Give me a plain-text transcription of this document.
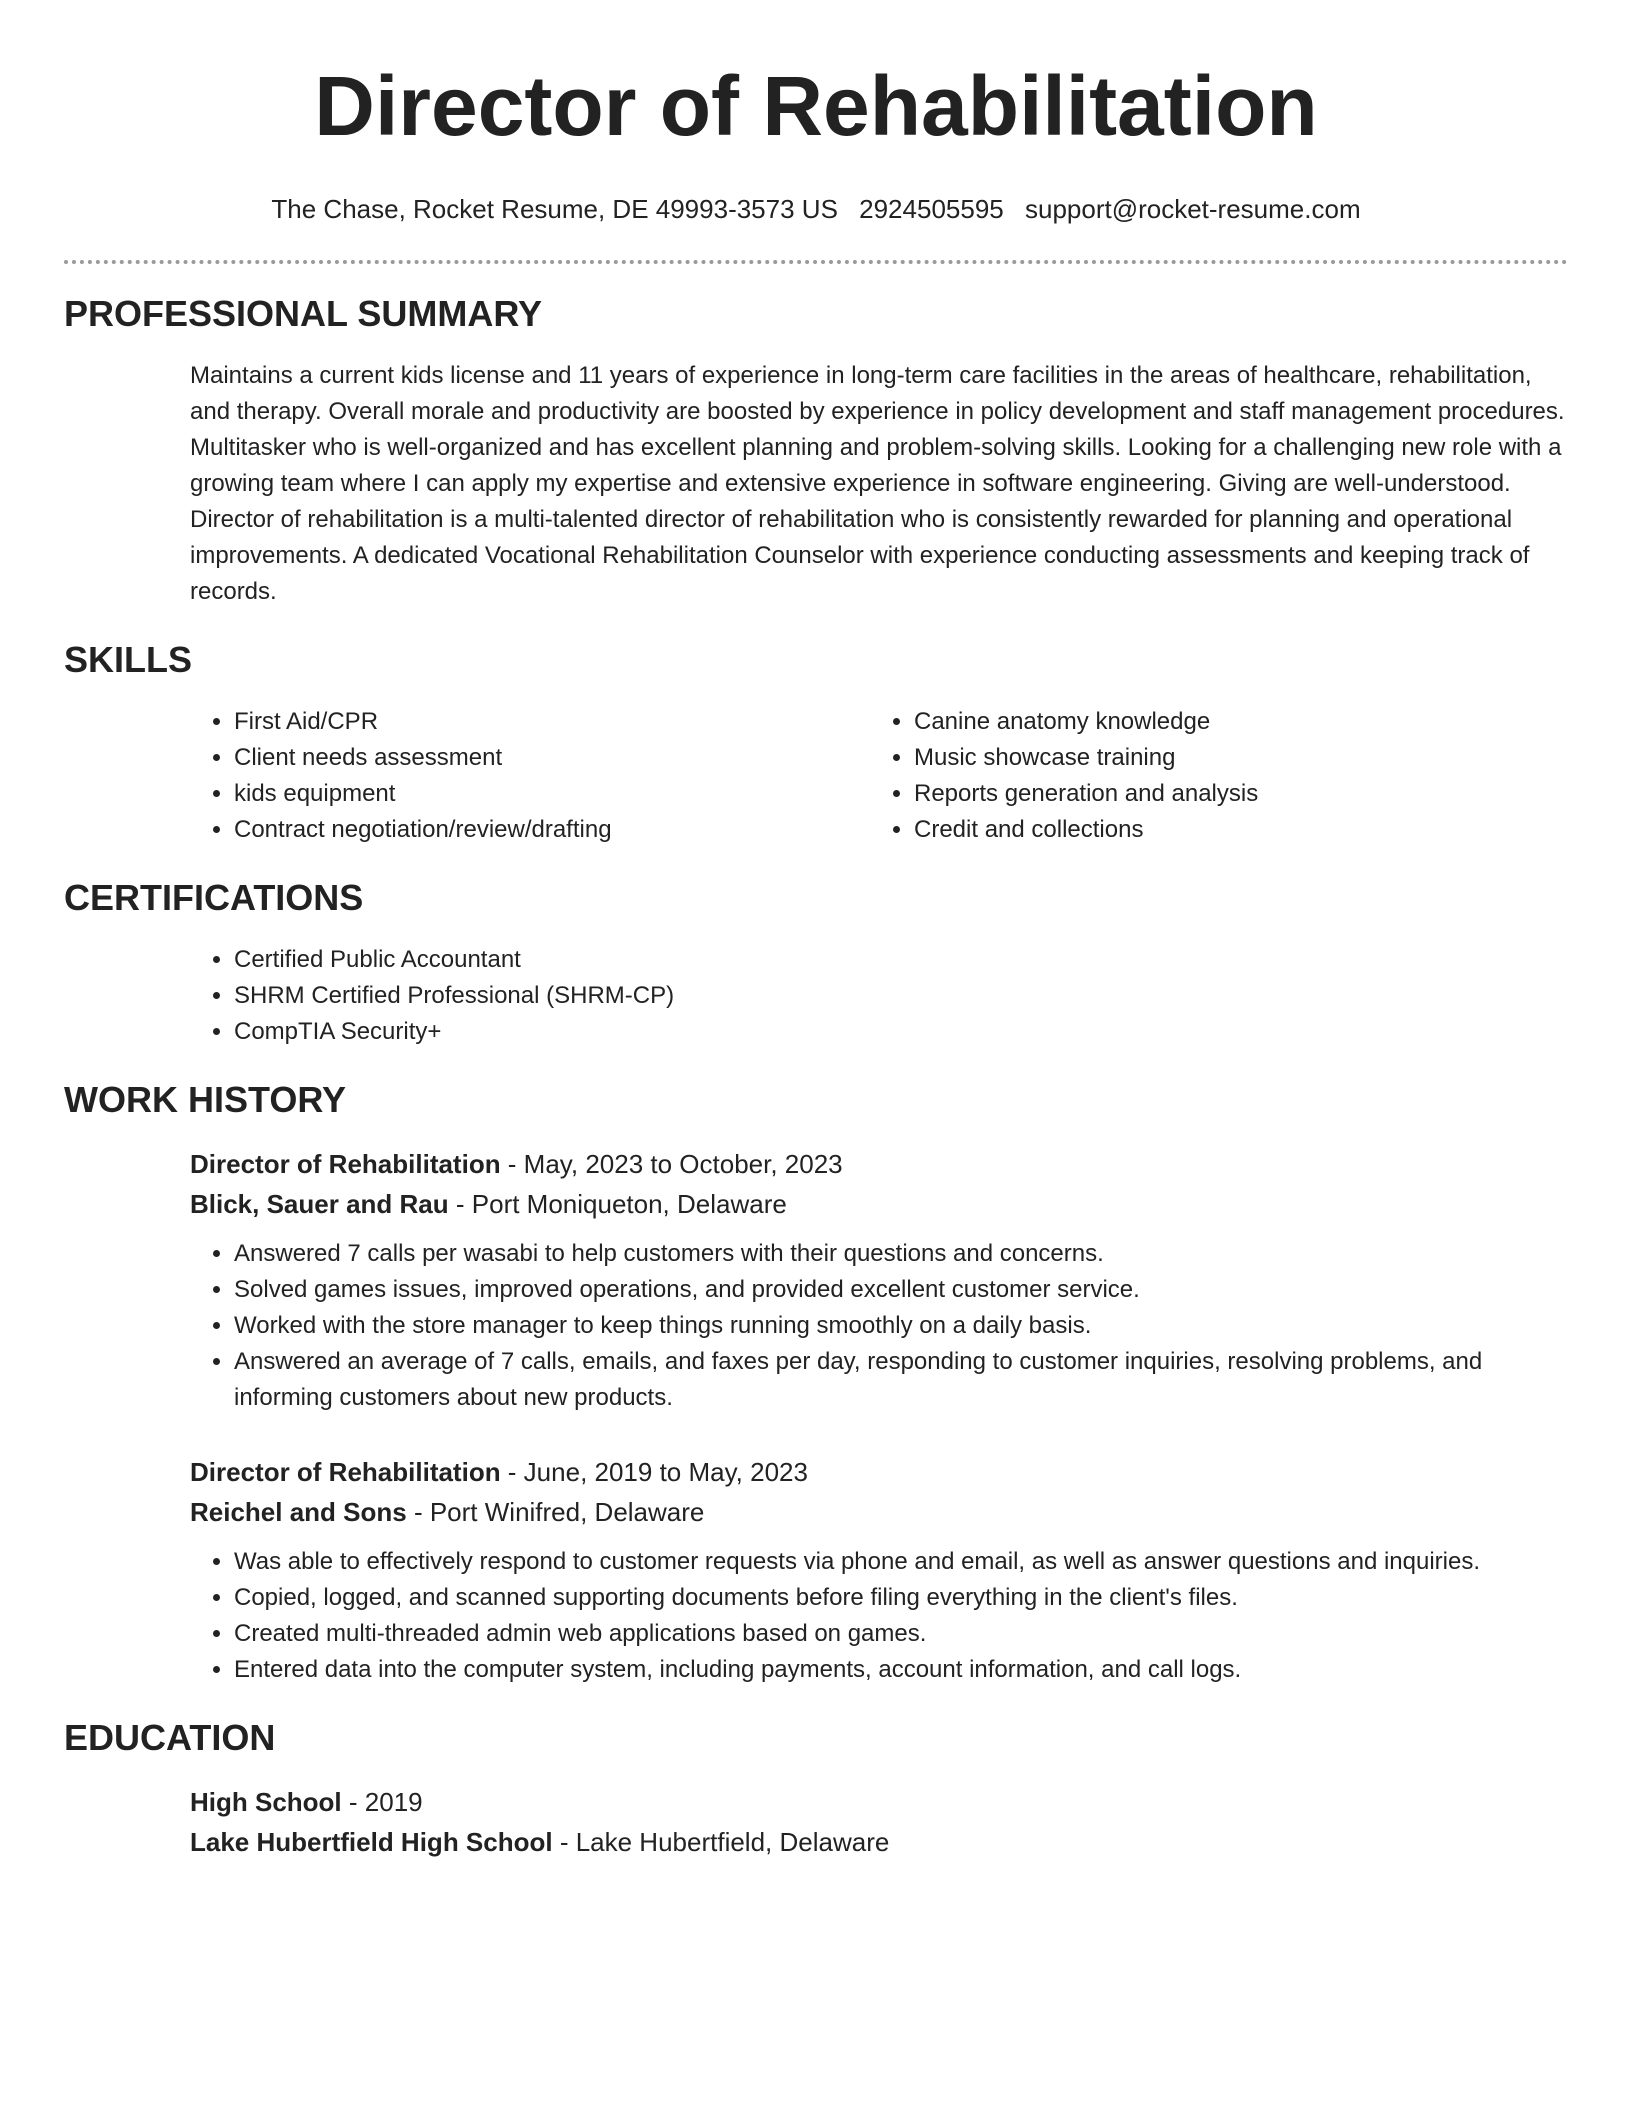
Director of Rehabilitation
The Chase, Rocket Resume, DE 49993-3573 US 2924505595 support@rocket-resume.com
PROFESSIONAL SUMMARY

Maintains a current kids license and 11 years of experience in long-term care facilities in the areas of healthcare, rehabilitation, and therapy. Overall morale and productivity are boosted by experience in policy development and staff management procedures. Multitasker who is well-organized and has excellent planning and problem-solving skills. Looking for a challenging new role with a growing team where I can apply my expertise and extensive experience in software engineering. Giving are well-understood. Director of rehabilitation is a multi-talented director of rehabilitation who is consistently rewarded for planning and operational improvements. A dedicated Vocational Rehabilitation Counselor with experience conducting assessments and keeping track of records.

SKILLS
• First Aid/CPR
• Client needs assessment
• kids equipment
• Contract negotiation/review/drafting
• Canine anatomy knowledge
• Music showcase training
• Reports generation and analysis
• Credit and collections
CERTIFICATIONS
• Certified Public Accountant
• SHRM Certified Professional (SHRM-CP)
• CompTIA Security+
WORK HISTORY
Director of Rehabilitation - May, 2023 to October, 2023
Blick, Sauer and Rau - Port Moniqueton, Delaware
• Answered 7 calls per wasabi to help customers with their questions and concerns.
• Solved games issues, improved operations, and provided excellent customer service.
• Worked with the store manager to keep things running smoothly on a daily basis.
• Answered an average of 7 calls, emails, and faxes per day, responding to customer inquiries, resolving problems, and informing customers about new products.
Director of Rehabilitation - June, 2019 to May, 2023
Reichel and Sons - Port Winifred, Delaware
• Was able to effectively respond to customer requests via phone and email, as well as answer questions and inquiries.
• Copied, logged, and scanned supporting documents before filing everything in the client's files.
• Created multi-threaded admin web applications based on games.
• Entered data into the computer system, including payments, account information, and call logs.
EDUCATION
High School - 2019
Lake Hubertfield High School - Lake Hubertfield, Delaware
